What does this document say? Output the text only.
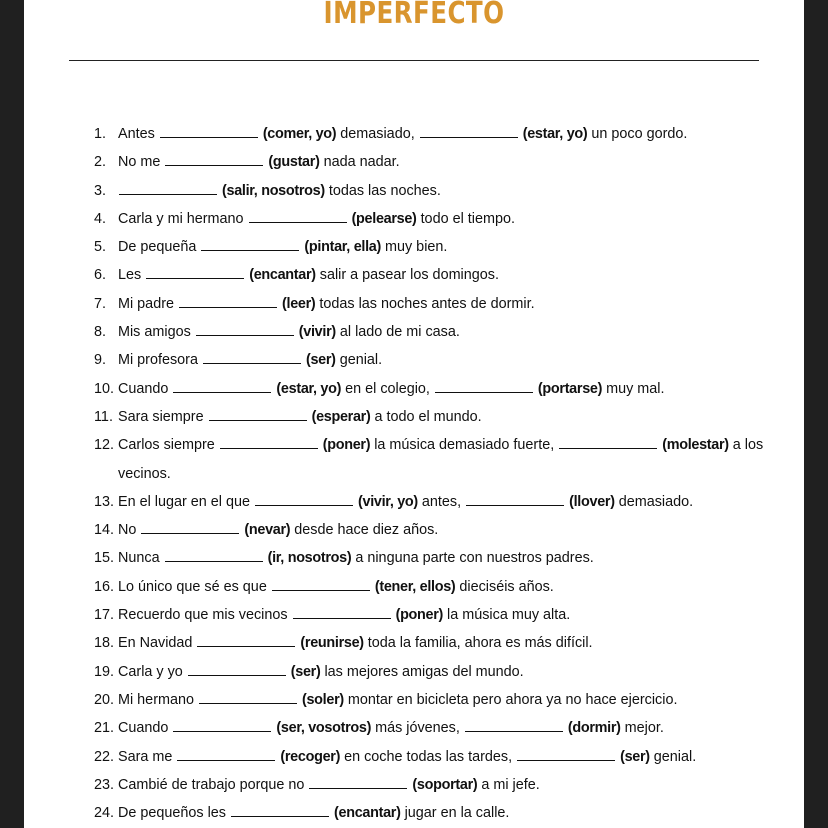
IMPERFECTO
1. Antes	(comer, yo) demasiado,	(estar, yo) un poco gordo.
2. No me	(gustar) nada nadar.
3.	(salir, nosotros) todas las noches.
4. Carla y mi hermano	(pelearse) todo el tiempo.
5. De pequeña	(pintar, ella) muy bien.
6. Les	(encantar) salir a pasear los domingos.
7. Mi padre	(leer) todas las noches antes de dormir.
8. Mis amigos	(vivir) al lado de mi casa.
9. Mi profesora	(ser) genial.
10. Cuando	(estar, yo) en el colegio,	(portarse) muy mal.
11. Sara siempre	(esperar) a todo el mundo.
12. Carlos siempre	(poner) la música demasiado fuerte,	(molestar) a los vecinos.
13. En el lugar en el que	(vivir, yo) antes,	(llover) demasiado.
14. No	(nevar) desde hace diez años.
15. Nunca	(ir, nosotros) a ninguna parte con nuestros padres.
16. Lo único que sé es que	(tener, ellos) dieciséis años.
17. Recuerdo que mis vecinos	(poner) la música muy alta.
18. En Navidad	(reunirse) toda la familia, ahora es más difícil.
19. Carla y yo	(ser) las mejores amigas del mundo.
20. Mi hermano	(soler) montar en bicicleta pero ahora ya no hace ejercicio.
21. Cuando	(ser, vosotros) más jóvenes,	(dormir) mejor.
22. Sara me	(recoger) en coche todas las tardes,	(ser) genial.
23. Cambié de trabajo porque no	(soportar) a mi jefe.
24. De pequeños les	(encantar) jugar en la calle.
